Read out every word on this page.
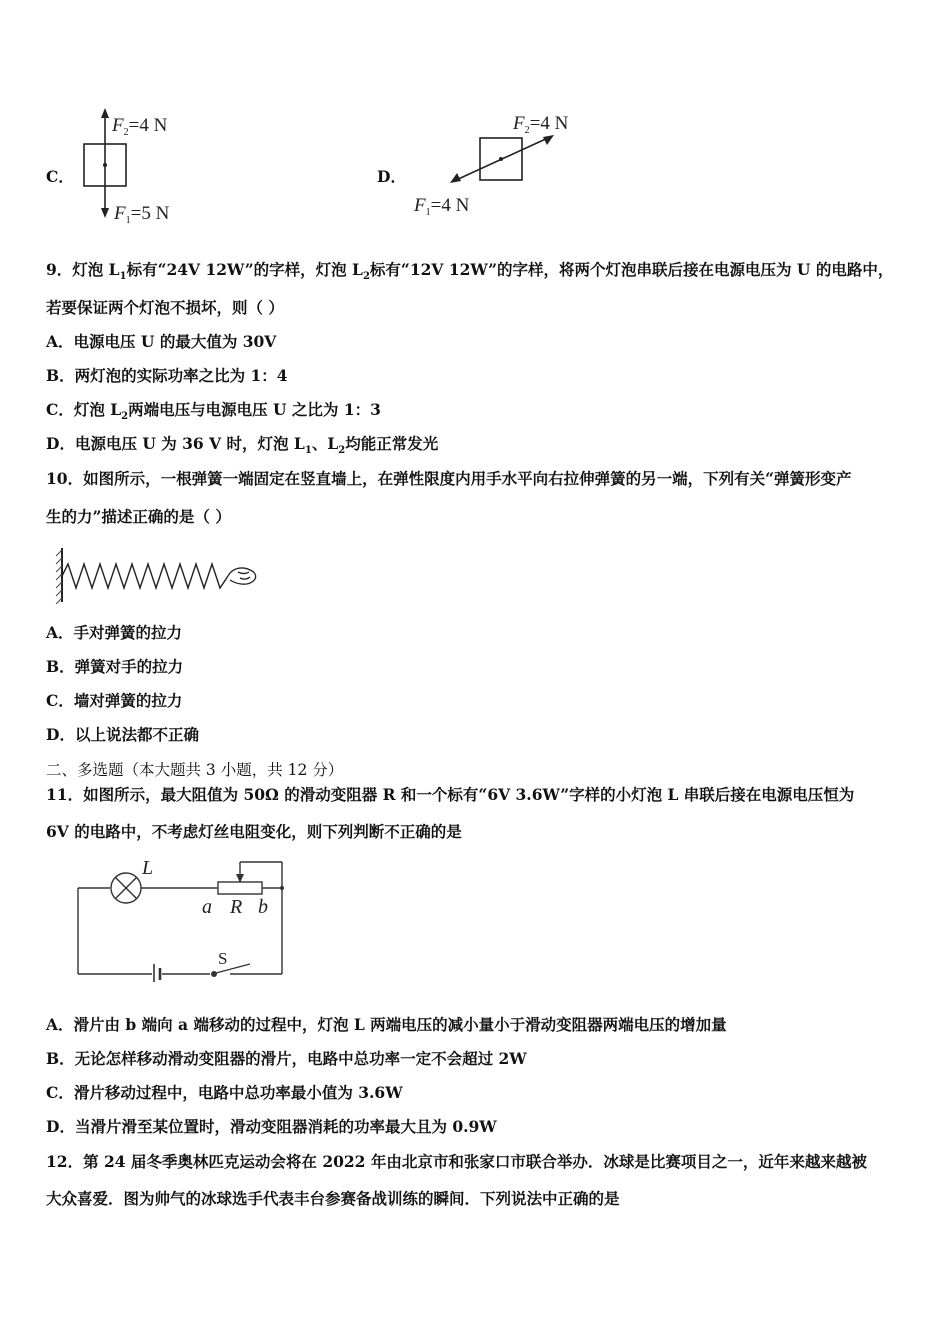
C．
$F_2=4$ N
$F_1=5$ N
D．
$F_2=4$ N
$F_1=4$ N
9．灯泡 $L_1$标有“24V 12W”的字样，灯泡 $L_2$标有“12V 12W”的字样，将两个灯泡串联后接在电源电压为 U 的电路中，
若要保证两个灯泡不损坏，则（ ）
A．电源电压 U 的最大值为 30V
B．两灯泡的实际功率之比为 1：4
C．灯泡 $L_2$两端电压与电源电压 U 之比为 1：3
D．电源电压 U 为 36 V 时，灯泡 $L_1$、$L_2$均能正常发光
10．如图所示，一根弹簧一端固定在竖直墙上，在弹性限度内用手水平向右拉伸弹簧的另一端，下列有关“弹簧形变产
生的力”描述正确的是（ ）
A．手对弹簧的拉力
B．弹簧对手的拉力
C．墙对弹簧的拉力
D．以上说法都不正确
二、多选题（本大题共 3 小题，共 12 分）
11．如图所示，最大阻值为 50Ω 的滑动变阻器 R 和一个标有“6V 3.6W”字样的小灯泡 L 串联后接在电源电压恒为
6V 的电路中，不考虑灯丝电阻变化，则下列判断不正确的是
L
a R b
S
A．滑片由 b 端向 a 端移动的过程中，灯泡 L 两端电压的减小量小于滑动变阻器两端电压的增加量
B．无论怎样移动滑动变阻器的滑片，电路中总功率一定不会超过 2W
C．滑片移动过程中，电路中总功率最小值为 3.6W
D．当滑片滑至某位置时，滑动变阻器消耗的功率最大且为 0.9W
12．第 24 届冬季奥林匹克运动会将在 2022 年由北京市和张家口市联合举办．冰球是比赛项目之一，近年来越来越被
大众喜爱．图为帅气的冰球选手代表丰台参赛备战训练的瞬间．下列说法中正确的是
